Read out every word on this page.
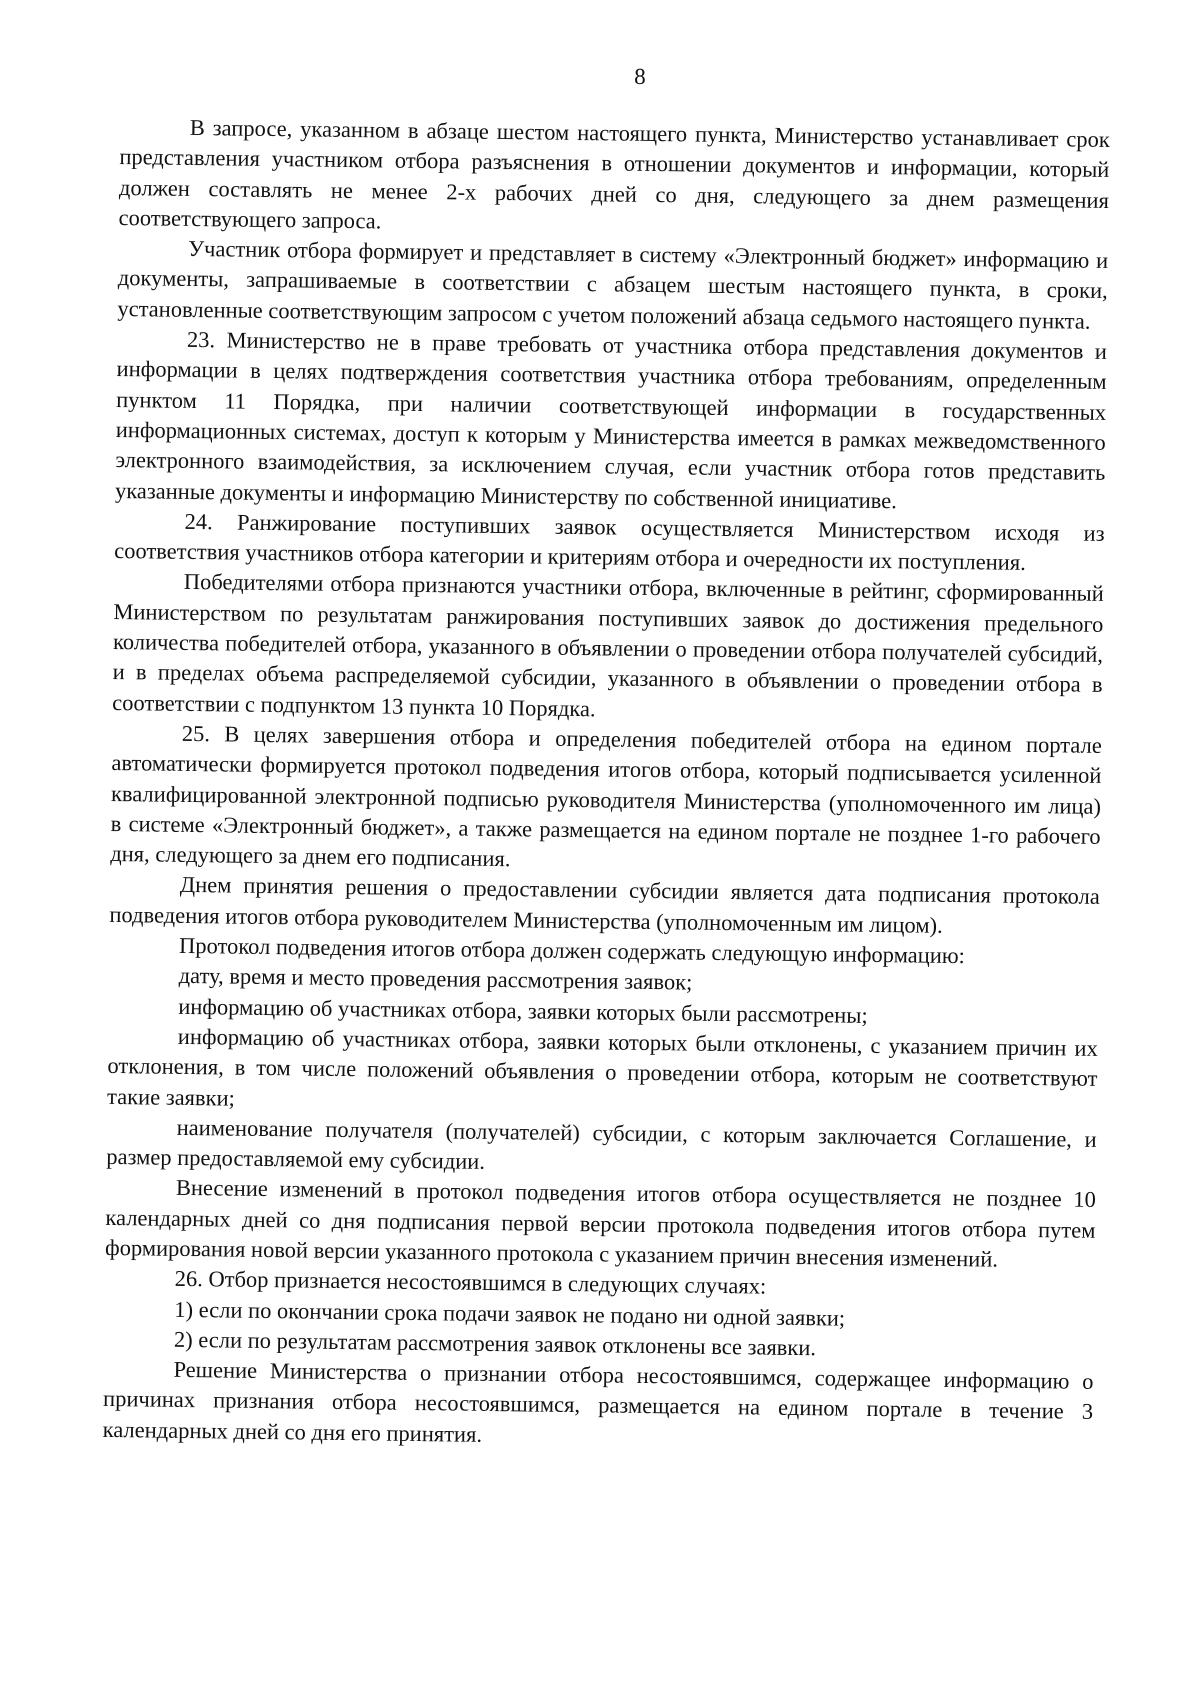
8

В запросе, указанном в абзаце шестом настоящего пункта, Министерство устанавливает срок представления участником отбора разъяснения в отношении документов и информации, который должен составлять не менее 2-х рабочих дней со дня, следующего за днем размещения соответствующего запроса.

Участник отбора формирует и представляет в систему «Электронный бюджет» информацию и документы, запрашиваемые в соответствии с абзацем шестым настоящего пункта, в сроки, установленные соответствующим запросом с учетом положений абзаца седьмого настоящего пункта.

23. Министерство не в праве требовать от участника отбора представления документов и информации в целях подтверждения соответствия участника отбора требованиям, определенным пунктом 11 Порядка, при наличии соответствующей информации в государственных информационных системах, доступ к которым у Министерства имеется в рамках межведомственного электронного взаимодействия, за исключением случая, если участник отбора готов представить указанные документы и информацию Министерству по собственной инициативе.

24. Ранжирование поступивших заявок осуществляется Министерством исходя из соответствия участников отбора категории и критериям отбора и очередности их поступления.

Победителями отбора признаются участники отбора, включенные в рейтинг, сформированный Министерством по результатам ранжирования поступивших заявок до достижения предельного количества победителей отбора, указанного в объявлении о проведении отбора получателей субсидий, и в пределах объема распределяемой субсидии, указанного в объявлении о проведении отбора в соответствии с подпунктом 13 пункта 10 Порядка.

25. В целях завершения отбора и определения победителей отбора на едином портале автоматически формируется протокол подведения итогов отбора, который подписывается усиленной квалифицированной электронной подписью руководителя Министерства (уполномоченного им лица) в системе «Электронный бюджет», а также размещается на едином портале не позднее 1-го рабочего дня, следующего за днем его подписания.

Днем принятия решения о предоставлении субсидии является дата подписания протокола подведения итогов отбора руководителем Министерства (уполномоченным им лицом).

Протокол подведения итогов отбора должен содержать следующую информацию:

дату, время и место проведения рассмотрения заявок;

информацию об участниках отбора, заявки которых были рассмотрены;

информацию об участниках отбора, заявки которых были отклонены, с указанием причин их отклонения, в том числе положений объявления о проведении отбора, которым не соответствуют такие заявки;

наименование получателя (получателей) субсидии, с которым заключается Соглашение, и размер предоставляемой ему субсидии.

Внесение изменений в протокол подведения итогов отбора осуществляется не позднее 10 календарных дней со дня подписания первой версии протокола подведения итогов отбора путем формирования новой версии указанного протокола с указанием причин внесения изменений.

26. Отбор признается несостоявшимся в следующих случаях:

1) если по окончании срока подачи заявок не подано ни одной заявки;

2) если по результатам рассмотрения заявок отклонены все заявки.

Решение Министерства о признании отбора несостоявшимся, содержащее информацию о причинах признания отбора несостоявшимся, размещается на едином портале в течение 3 календарных дней со дня его принятия.
